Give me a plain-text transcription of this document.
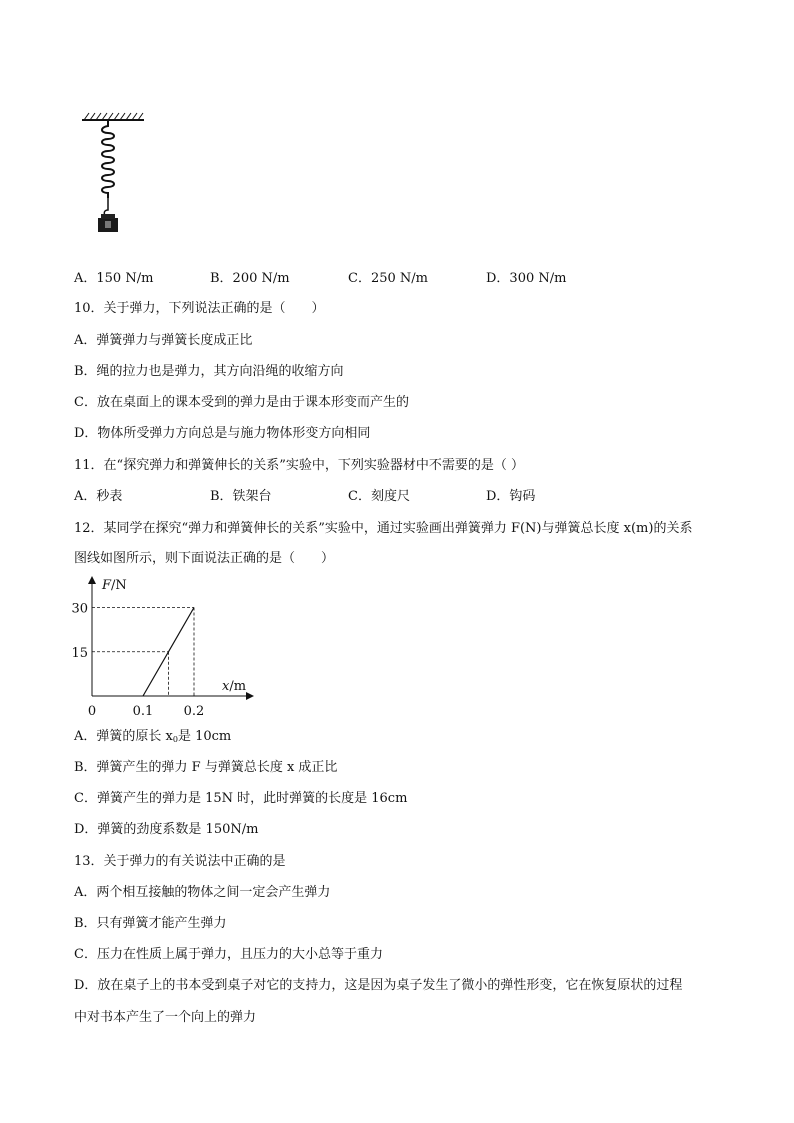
A．150 N/m	B．200 N/m	C．250 N/m	D．300 N/m
10．关于弹力，下列说法正确的是（　　）
A．弹簧弹力与弹簧长度成正比
B．绳的拉力也是弹力，其方向沿绳的收缩方向
C．放在桌面上的课本受到的弹力是由于课本形变而产生的
D．物体所受弹力方向总是与施力物体形变方向相同
11．在“探究弹力和弹簧伸长的关系”实验中，下列实验器材中不需要的是（ ）
A．秒表	B．铁架台	C．刻度尺	D．钩码
12．某同学在探究“弹力和弹簧伸长的关系”实验中，通过实验画出弹簧弹力 F(N)与弹簧总长度 x(m)的关系
图线如图所示，则下面说法正确的是（　　）
F/N
x/m
15
30
0	0.1 0.2
A．弹簧的原长 $x_0$是 10cm
B．弹簧产生的弹力 F 与弹簧总长度 x 成正比
C．弹簧产生的弹力是 15N 时，此时弹簧的长度是 16cm
D．弹簧的劲度系数是 150N/m
13．关于弹力的有关说法中正确的是
A．两个相互接触的物体之间一定会产生弹力
B．只有弹簧才能产生弹力
C．压力在性质上属于弹力，且压力的大小总等于重力
D．放在桌子上的书本受到桌子对它的支持力，这是因为桌子发生了微小的弹性形变，它在恢复原状的过程
中对书本产生了一个向上的弹力
